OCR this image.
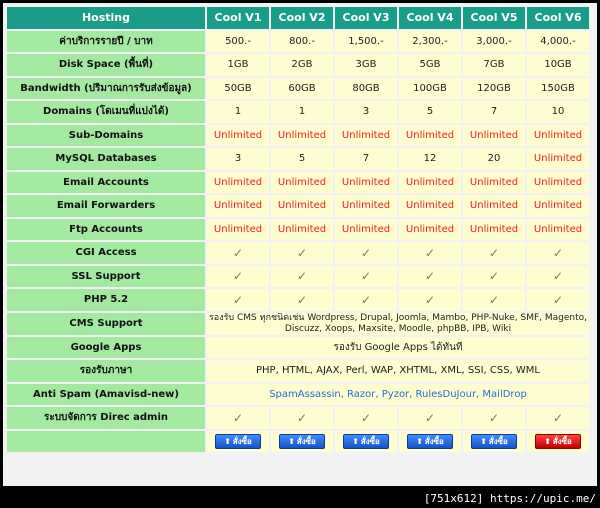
Hosting	Cool V1	Cool V2	Cool V3	Cool V4	Cool V5	Cool V6
ค่าบริการรายปี / บาท	500.-	800.-	1,500.-	2,300.-	3,000.-	4,000.-
Disk Space (พื้นที่)	1GB	2GB	3GB	5GB	7GB	10GB
Bandwidth (ปริมาณการรับส่งข้อมูล)	50GB	60GB	80GB	100GB	120GB	150GB
Domains (โดเมนที่แบ่งได้)	1	1	3	5	7	10
Sub-Domains	Unlimited	Unlimited	Unlimited	Unlimited	Unlimited	Unlimited
MySQL Databases	3	5	7	12	20	Unlimited
Email Accounts	Unlimited	Unlimited	Unlimited	Unlimited	Unlimited	Unlimited
Email Forwarders	Unlimited	Unlimited	Unlimited	Unlimited	Unlimited	Unlimited
Ftp Accounts	Unlimited	Unlimited	Unlimited	Unlimited	Unlimited	Unlimited
CGI Access	✓	✓	✓	✓	✓	✓
SSL Support	✓	✓	✓	✓	✓	✓
PHP 5.2	✓	✓	✓	✓	✓	✓
CMS Support	รองรับ CMS ทุกชนิดเช่น Wordpress, Drupal, Joomla, Mambo, PHP-Nuke, SMF, Magento, Discuzz, Xoops, Maxsite, Moodle, phpBB, IPB, Wiki					
Google Apps	รองรับ Google Apps ได้ทันที					
รองรับภาษา	PHP, HTML, AJAX, Perl, WAP, XHTML, XML, SSI, CSS, WML					
Anti Spam (Amavisd-new)	SpamAssassin, Razor, Pyzor, RulesDuJour, MailDrop					
ระบบจัดการ Direc admin	✓	✓	✓	✓	✓	✓
	⬆ สั่งซื้อ	⬆ สั่งซื้อ	⬆ สั่งซื้อ	⬆ สั่งซื้อ	⬆ สั่งซื้อ	⬆ สั่งซื้อ
[751x612] https://upic.me/
